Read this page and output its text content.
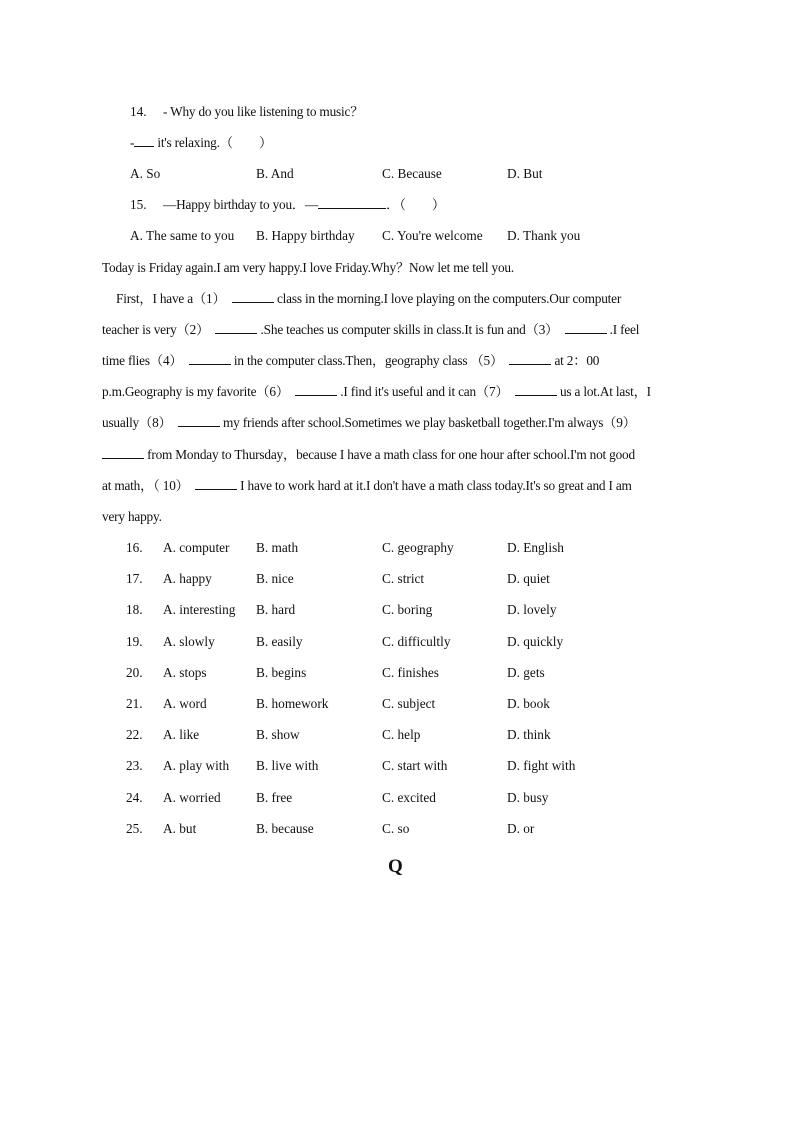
14. - Why do you like listening to music？
- it's relaxing.（　　）
A. So	B. And	C. Because	D. But
15. —Happy birthday to you．—	．（　　）
A. The same to you B. Happy birthday C. You're welcome D. Thank you
Today is Friday again.I am very happy.I love Friday.Why？Now let me tell you.
First，I have a（1）	class in the morning.I love playing on the computers.Our computer
teacher is very（2）	.She teaches us computer skills in class.It is fun and（3）	.I feel
time flies（4）	in the computer class.Then，geography class （5）	at 2：00
p.m.Geography is my favorite（6）	.I find it's useful and it can（7）	us a lot.At last，I
usually（8）	my friends after school.Sometimes we play basketball together.I'm always（9）
from Monday to Thursday，because I have a math class for one hour after school.I'm not good
at math，（ 10）	I have to work hard at it.I don't have a math class today.It's so great and I am
very happy.
16. A. computer B. math	C. geography	D. English
17. A. happy	B. nice	C. strict	D. quiet
18. A. interesting B. hard	C. boring	D. lovely
19. A. slowly	B. easily	C. difficultly	D. quickly
20. A. stops	B. begins	C. finishes	D. gets
21. A. word	B. homework	C. subject	D. book
22. A. like	B. show	C. help	D. think
23. A. play with B. live with	C. start with	D. fight with
24. A. worried	B. free	C. excited	D. busy
25. A. but	B. because	C. so	D. or
Q
